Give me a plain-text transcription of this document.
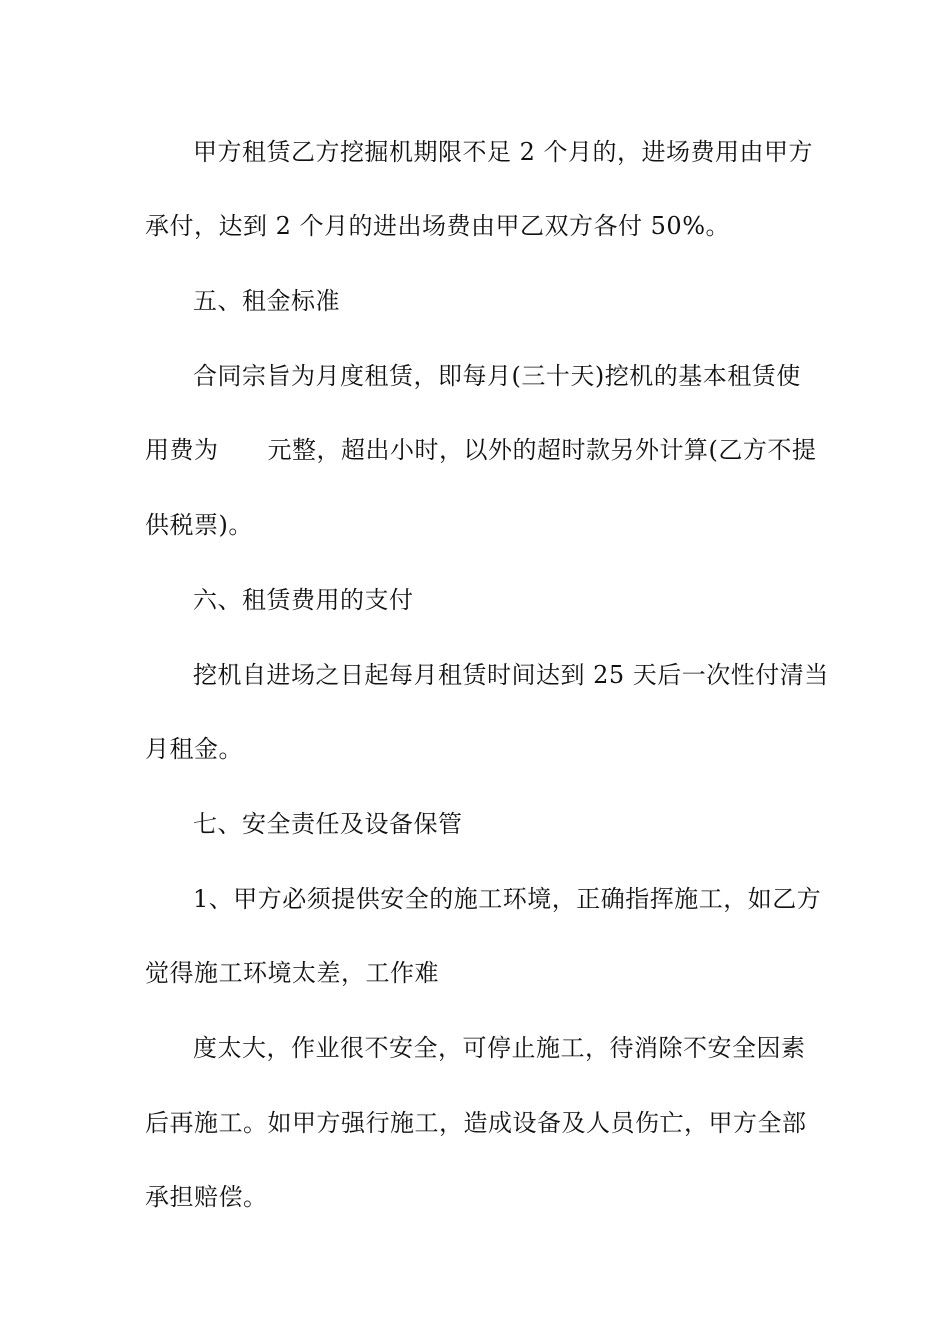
甲方租赁乙方挖掘机期限不足 2 个月的，进场费用由甲方
承付，达到 2 个月的进出场费由甲乙双方各付 50%。
五、租金标准
合同宗旨为月度租赁，即每月(三十天)挖机的基本租赁使
用费为　　元整，超出小时，以外的超时款另外计算(乙方不提
供税票)。
六、租赁费用的支付
挖机自进场之日起每月租赁时间达到 25 天后一次性付清当
月租金。
七、安全责任及设备保管
1、甲方必须提供安全的施工环境，正确指挥施工，如乙方
觉得施工环境太差，工作难
度太大，作业很不安全，可停止施工，待消除不安全因素
后再施工。如甲方强行施工，造成设备及人员伤亡，甲方全部
承担赔偿。
